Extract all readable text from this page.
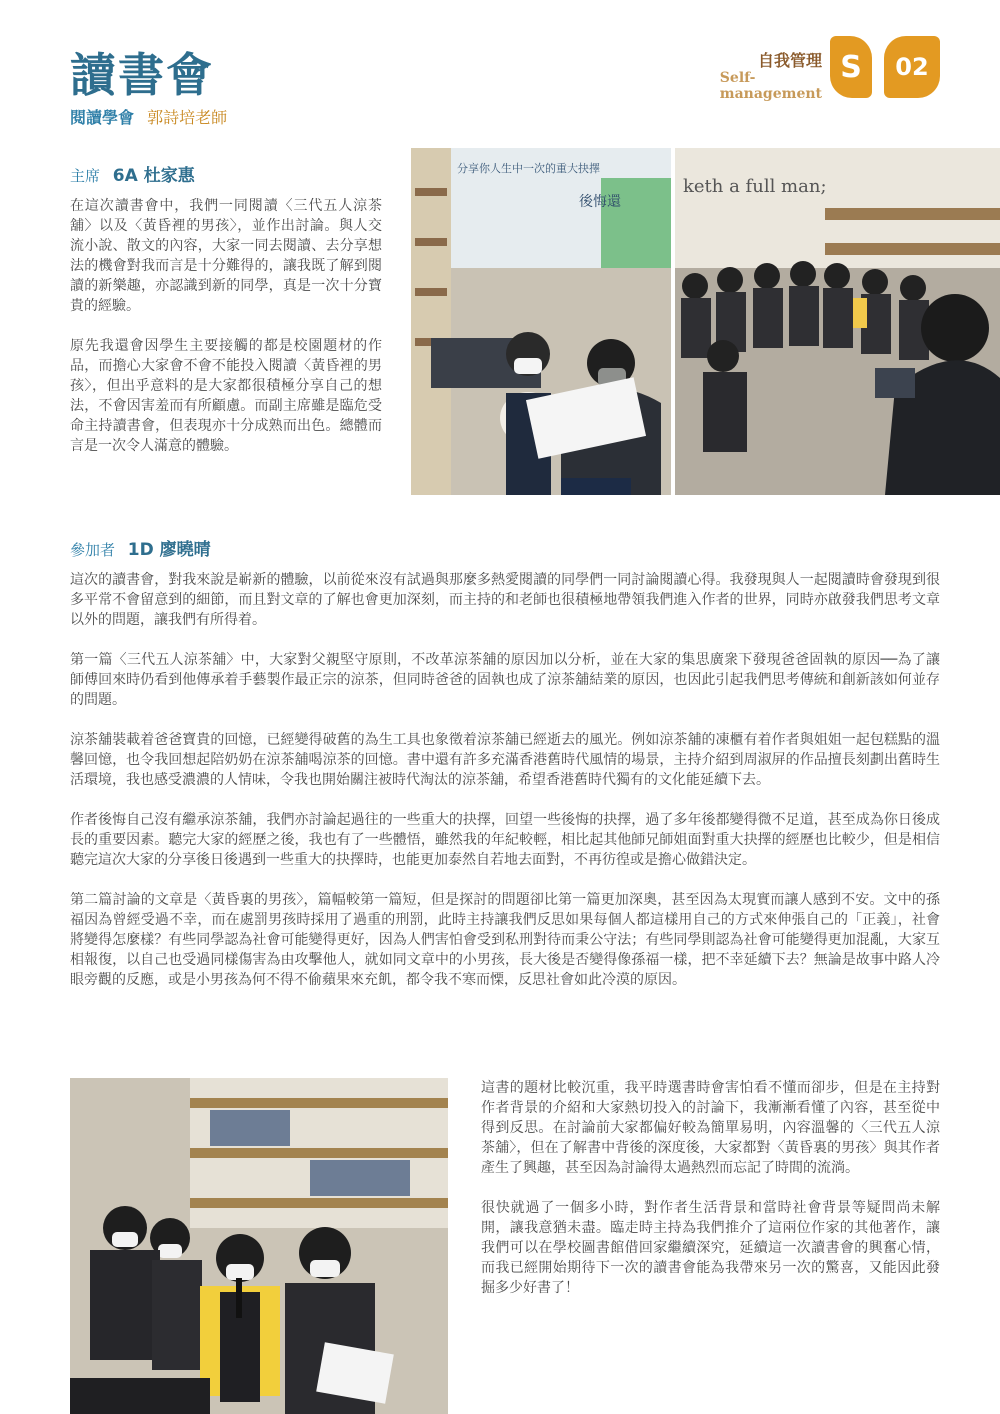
讀書會
閱讀學會 郭詩培老師
自我管理
Self-management
S	02
主席 6A 杜家惠

在這次讀書會中，我們一同閱讀〈三代五人涼茶舖〉以及〈黃昏裡的男孩〉，並作出討論。與人交流小說、散文的內容，大家一同去閱讀、去分享想法的機會對我而言是十分難得的，讓我既了解到閱讀的新樂趣，亦認識到新的同學，真是一次十分寶貴的經驗。

原先我還會因學生主要接觸的都是校園題材的作品，而擔心大家會不會不能投入閱讀〈黃昏裡的男孩〉，但出乎意料的是大家都很積極分享自己的想法，不會因害羞而有所顧慮。而副主席雖是臨危受命主持讀書會，但表現亦十分成熟而出色。總體而言是一次令人滿意的體驗。

分享你人生中一次的重大抉擇
後悔還
keth a full man;
參加者 1D 廖曉晴

這次的讀書會，對我來說是嶄新的體驗，以前從來沒有試過與那麼多熱愛閱讀的同學們一同討論閱讀心得。我發現與人一起閱讀時會發現到很多平常不會留意到的細節，而且對文章的了解也會更加深刻，而主持的和老師也很積極地帶領我們進入作者的世界，同時亦啟發我們思考文章以外的問題，讓我們有所得着。

第一篇〈三代五人涼茶舖〉中，大家對父親堅守原則，不改革涼茶舖的原因加以分析，並在大家的集思廣衆下發現爸爸固執的原因──為了讓師傅回來時仍看到他傳承着手藝製作最正宗的涼茶，但同時爸爸的固執也成了涼茶舖結業的原因，也因此引起我們思考傳統和創新該如何並存的問題。

涼茶舖裝載着爸爸寶貴的回憶，已經變得破舊的為生工具也象徵着涼茶舖已經逝去的風光。例如涼茶舖的凍櫃有着作者與姐姐一起包糕點的溫馨回憶，也令我回想起陪奶奶在涼茶舖喝涼茶的回憶。書中還有許多充滿香港舊時代風情的場景，主持介紹到周淑屏的作品擅長刻劃出舊時生活環境，我也感受濃濃的人情味，令我也開始關注被時代淘汰的涼茶舖，希望香港舊時代獨有的文化能延續下去。

作者後悔自己沒有繼承涼茶舖，我們亦討論起過往的一些重大的抉擇，回望一些後悔的抉擇，過了多年後都變得微不足道，甚至成為你日後成長的重要因素。聽完大家的經歷之後，我也有了一些體悟，雖然我的年紀較輕，相比起其他師兄師姐面對重大抉擇的經歷也比較少，但是相信聽完這次大家的分享後日後遇到一些重大的抉擇時，也能更加泰然自若地去面對，不再彷徨或是擔心做錯決定。

第二篇討論的文章是〈黃昏裏的男孩〉，篇幅較第一篇短，但是探討的問題卻比第一篇更加深奧，甚至因為太現實而讓人感到不安。文中的孫福因為曾經受過不幸，而在處罰男孩時採用了過重的刑罰，此時主持讓我們反思如果每個人都這樣用自己的方式來伸張自己的「正義」，社會將變得怎麼樣？有些同學認為社會可能變得更好，因為人們害怕會受到私刑對待而秉公守法；有些同學則認為社會可能變得更加混亂，大家互相報復，以自己也受過同樣傷害為由攻擊他人，就如同文章中的小男孩，長大後是否變得像孫福一樣，把不幸延續下去？無論是故事中路人冷眼旁觀的反應，或是小男孩為何不得不偷蘋果來充飢，都令我不寒而慄，反思社會如此冷漠的原因。

這書的題材比較沉重，我平時選書時會害怕看不懂而卻步，但是在主持對作者背景的介紹和大家熱切投入的討論下，我漸漸看懂了內容，甚至從中得到反思。在討論前大家都偏好較為簡單易明，內容溫馨的〈三代五人涼茶舖〉，但在了解書中背後的深度後，大家都對〈黃昏裏的男孩〉與其作者產生了興趣，甚至因為討論得太過熱烈而忘記了時間的流淌。

很快就過了一個多小時，對作者生活背景和當時社會背景等疑問尚未解開，讓我意猶未盡。臨走時主持為我們推介了這兩位作家的其他著作，讓我們可以在學校圖書館借回家繼續深究，延續這一次讀書會的興奮心情，而我已經開始期待下一次的讀書會能為我帶來另一次的驚喜，又能因此發掘多少好書了！
